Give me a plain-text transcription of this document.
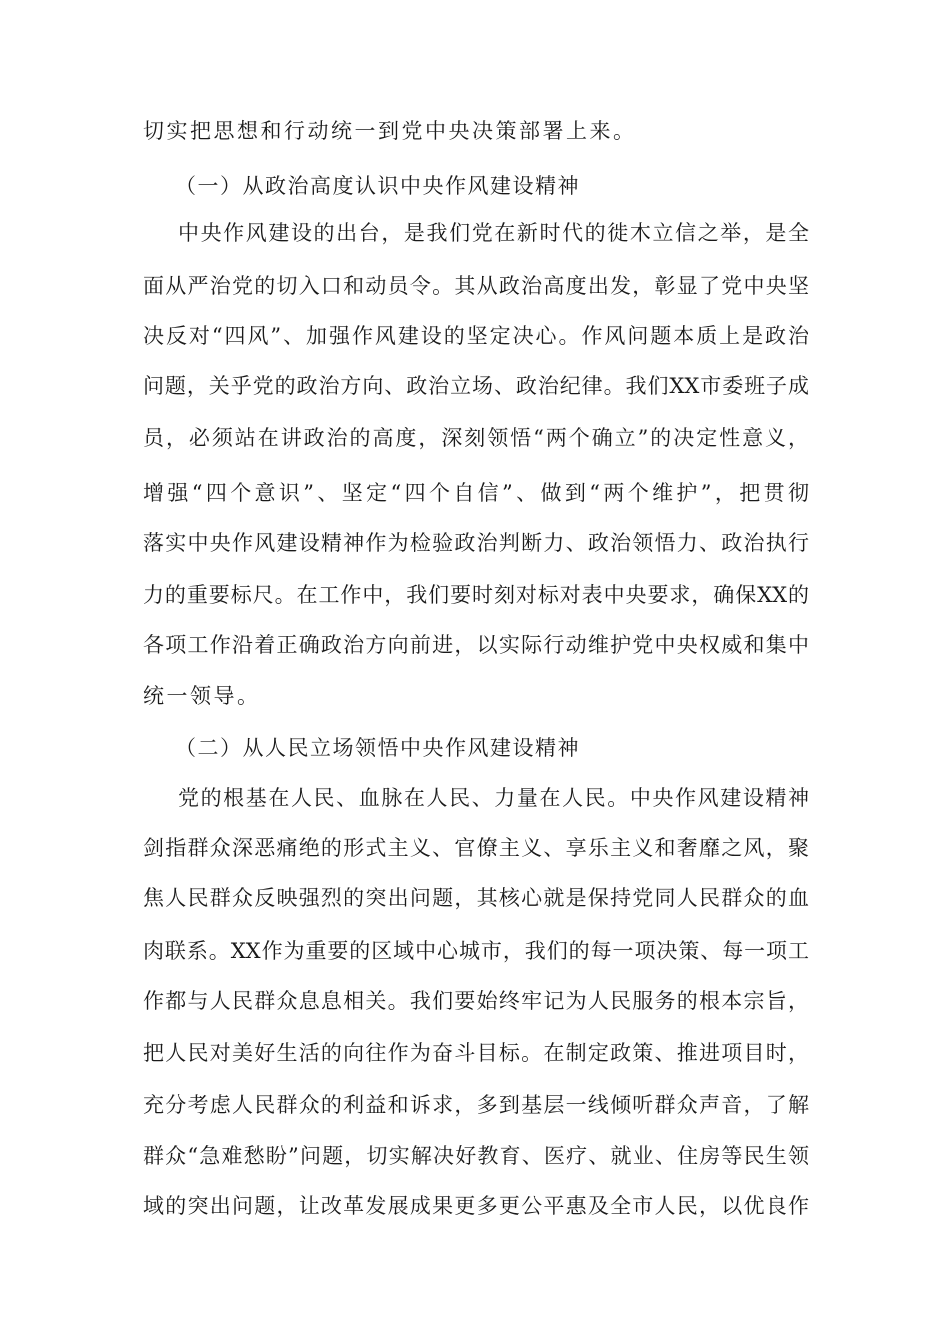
切实把思想和行动统一到党中央决策部署上来。
（一）从政治高度认识中央作风建设精神
中央作风建设的出台，是我们党在新时代的徙木立信之举，是全
面从严治党的切入口和动员令。其从政治高度出发，彰显了党中央坚
决反对“四风”、加强作风建设的坚定决心。作风问题本质上是政治
问题，关乎党的政治方向、政治立场、政治纪律。我们XX市委班子成
员，必须站在讲政治的高度，深刻领悟“两个确立”的决定性意义，
增强“四个意识”、坚定“四个自信”、做到“两个维护”，把贯彻
落实中央作风建设精神作为检验政治判断力、政治领悟力、政治执行
力的重要标尺。在工作中，我们要时刻对标对表中央要求，确保XX的
各项工作沿着正确政治方向前进，以实际行动维护党中央权威和集中
统一领导。
（二）从人民立场领悟中央作风建设精神
党的根基在人民、血脉在人民、力量在人民。中央作风建设精神
剑指群众深恶痛绝的形式主义、官僚主义、享乐主义和奢靡之风，聚
焦人民群众反映强烈的突出问题，其核心就是保持党同人民群众的血
肉联系。XX作为重要的区域中心城市，我们的每一项决策、每一项工
作都与人民群众息息相关。我们要始终牢记为人民服务的根本宗旨，
把人民对美好生活的向往作为奋斗目标。在制定政策、推进项目时，
充分考虑人民群众的利益和诉求，多到基层一线倾听群众声音，了解
群众“急难愁盼”问题，切实解决好教育、医疗、就业、住房等民生领
域的突出问题，让改革发展成果更多更公平惠及全市人民，以优良作
